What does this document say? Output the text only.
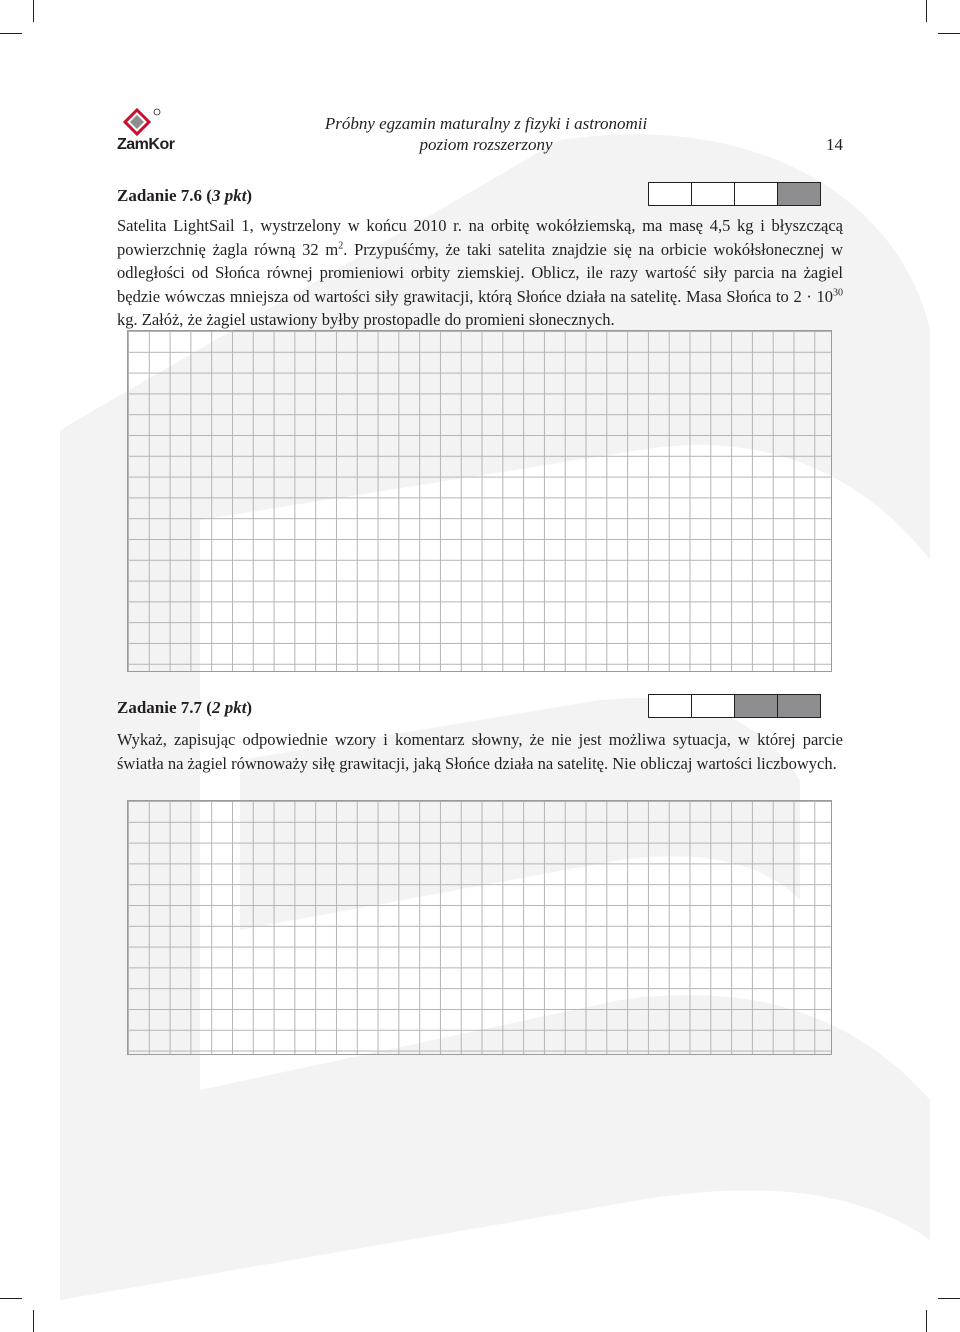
ZamKor
Próbny egzamin maturalny z fizyki i astronomii
poziom rozszerzony	14
Zadanie 7.6 (3 pkt)
Satelita LightSail 1, wystrzelony w końcu 2010 r. na orbitę wokółziemską, ma masę 4,5 kg i błyszczącą powierzchnię żagla równą 32 $m^2$. Przypuśćmy, że taki satelita znajdzie się na orbicie wokółsłonecznej w odległości od Słońca równej promieniowi orbity ziemskiej. Oblicz, ile razy wartość siły parcia na żagiel będzie wówczas mniejsza od wartości siły grawitacji, którą Słońce działa na satelitę. Masa Słońca to $2 \cdot 10^{30}$ kg. Załóż, że żagiel ustawiony byłby prostopadle do promieni słonecznych.
Zadanie 7.7 (2 pkt)
Wykaż, zapisując odpowiednie wzory i komentarz słowny, że nie jest możliwa sytuacja, w której parcie światła na żagiel równoważy siłę grawitacji, jaką Słońce działa na satelitę. Nie obliczaj wartości liczbowych.
